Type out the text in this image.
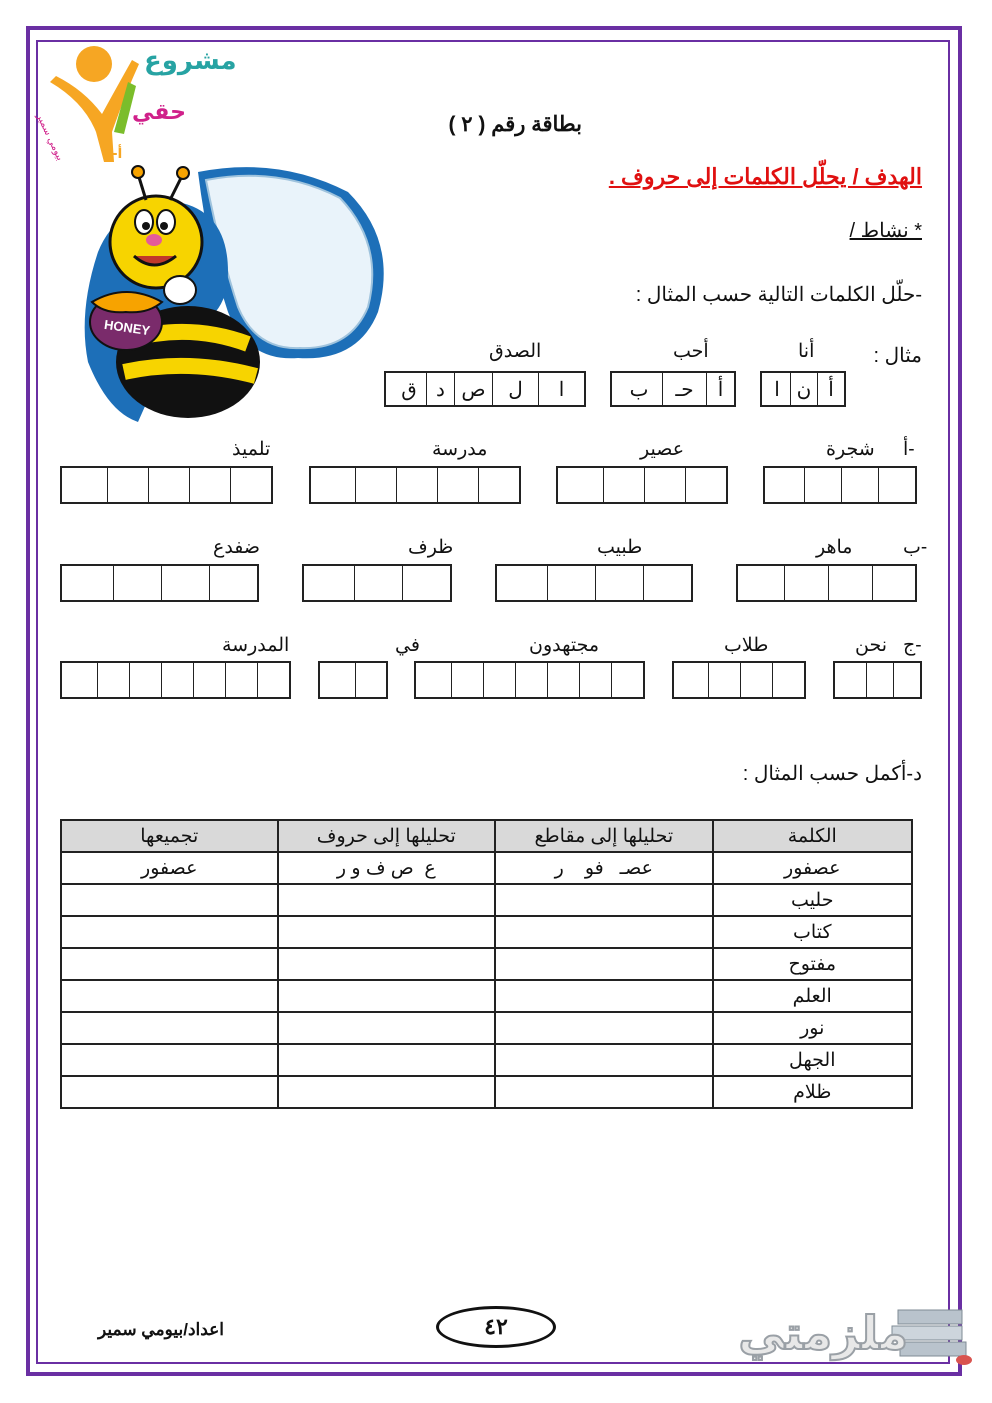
مشروع
حقي
أ-1
بيومي سمير	بطاقة رقم ( ٢ )
الهدف / يحلّل الكلمات إلى حروف .
* نشاط /
-حلّل الكلمات التالية حسب المثال :
HONEY
مثال :
أنا
أ
ن
ا
أحب
أ
حـ
ب
الصدق
ا
ل
ص
د
ق
أ-
شجرة
عصير
مدرسة
تلميذ
ب-
ماهر
طبيب
ظرف
ضفدع
ج-
نحن
طلاب
مجتهدون
في
المدرسة
د-أكمل حسب المثال :
الكلمة	تحليلها إلى مقاطع	تحليلها إلى حروف	تجميعها
عصفور	عصـ   فو    ر	ع  ص ف و ر	عصفور
حليب			
كتاب			
مفتوح			
العلم			
نور			
الجهل			
ظلام			
٤٢
اعداد/بيومي سمير	ملزمتي
